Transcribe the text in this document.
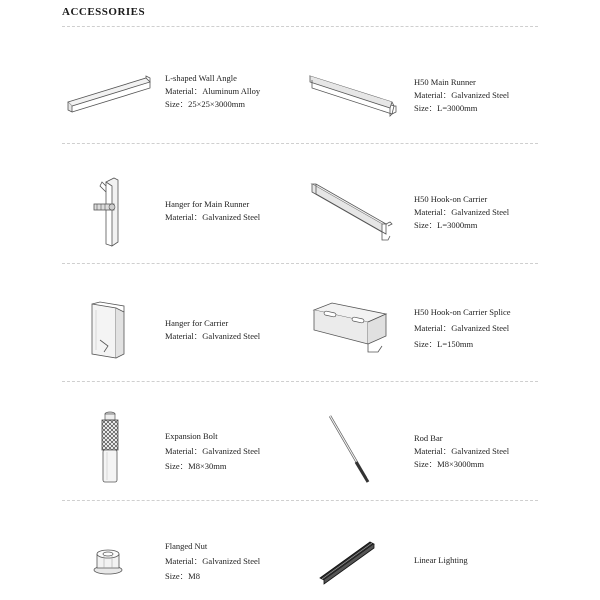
ACCESSORIES
L-shaped Wall Angle
Material：Aluminum Alloy
Size：25×25×3000mm
H50 Main Runner
Material：Galvanized Steel
Size：L=3000mm
Hanger for Main Runner
Material：Galvanized Steel
H50 Hook-on Carrier
Material：Galvanized Steel
Size：L=3000mm
Hanger for Carrier
Material：Galvanized Steel
H50 Hook-on Carrier Splice
Material：Galvanized Steel
Size：L=150mm
Expansion Bolt
Material：Galvanized Steel
Size：M8×30mm
Rod Bar
Material：Galvanized Steel
Size：M8×3000mm
Flanged Nut
Material：Galvanized Steel
Size：M8
Linear Lighting
